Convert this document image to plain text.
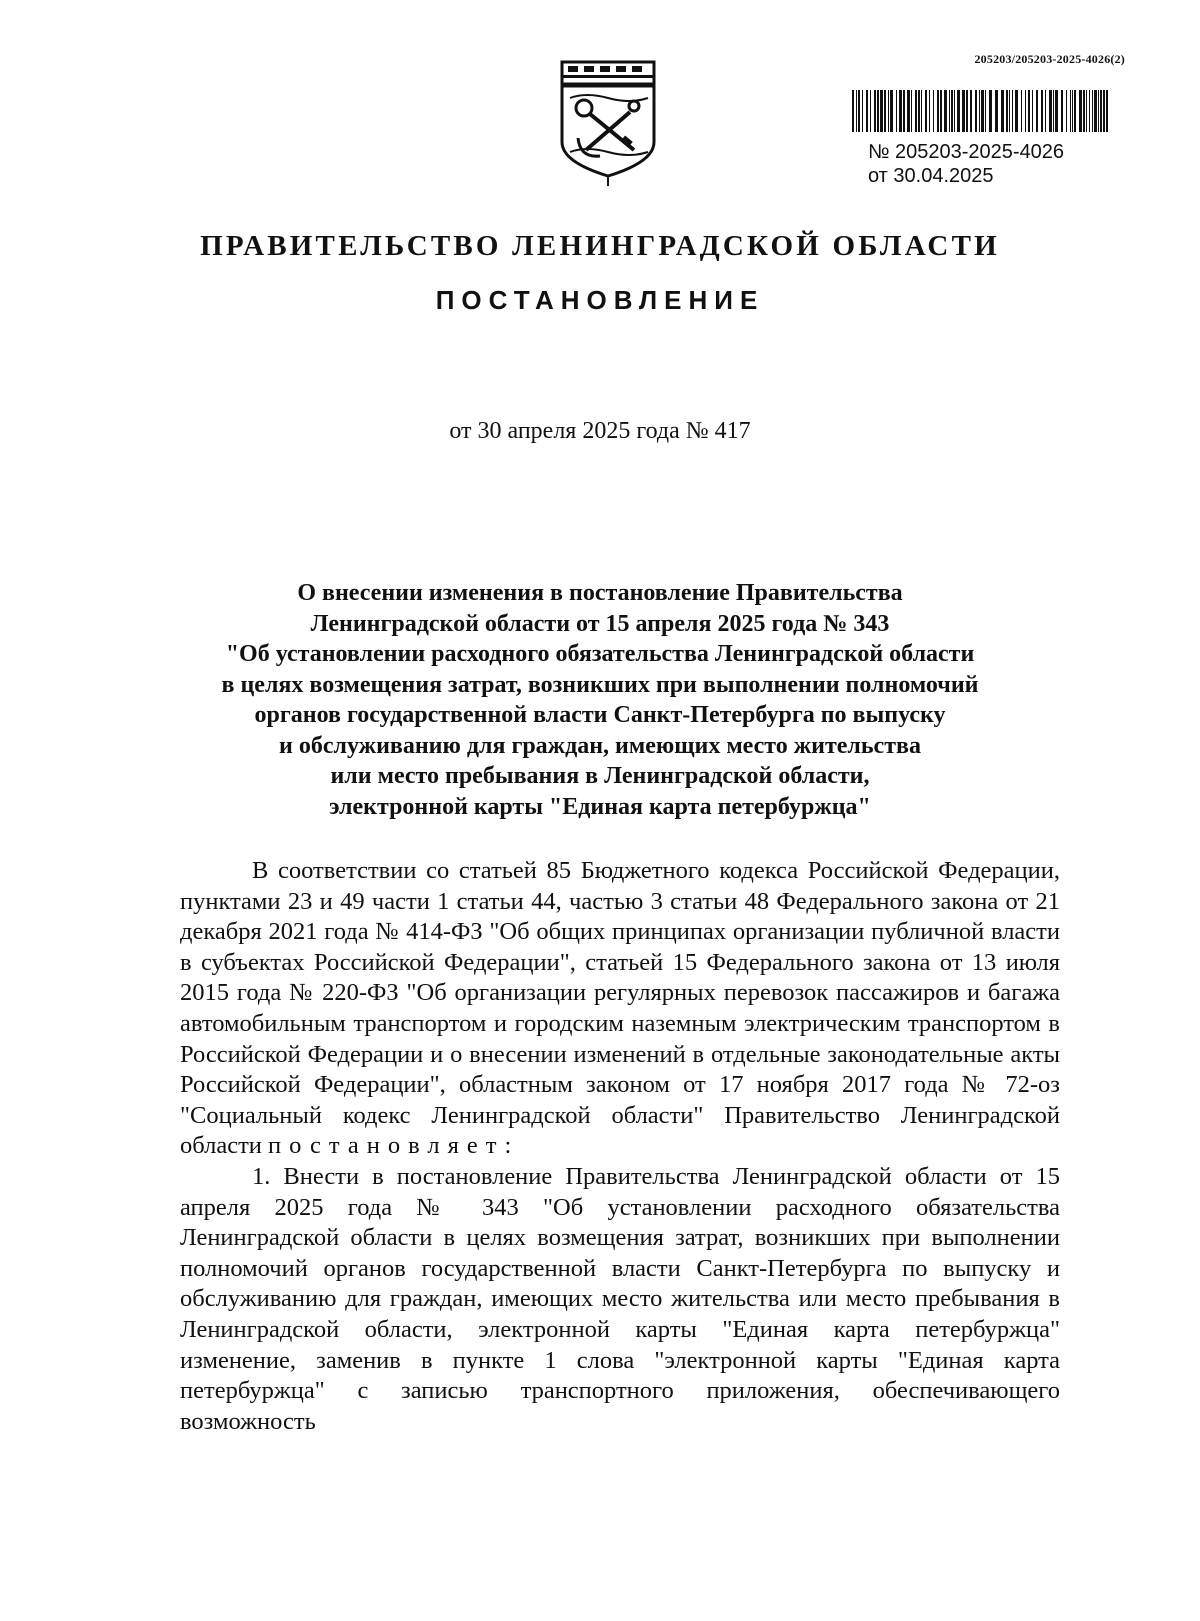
205203/205203-2025-4026(2)
№ 205203-2025-4026
от 30.04.2025
ПРАВИТЕЛЬСТВО ЛЕНИНГРАДСКОЙ ОБЛАСТИ
ПОСТАНОВЛЕНИЕ
от 30 апреля 2025 года № 417
О внесении изменения в постановление Правительства
Ленинградской области от 15 апреля 2025 года № 343
"Об установлении расходного обязательства Ленинградской области
в целях возмещения затрат, возникших при выполнении полномочий
органов государственной власти Санкт-Петербурга по выпуску
и обслуживанию для граждан, имеющих место жительства
или место пребывания в Ленинградской области,
электронной карты "Единая карта петербуржца"

В соответствии со статьей 85 Бюджетного кодекса Российской Федерации, пунктами 23 и 49 части 1 статьи 44, частью 3 статьи 48 Федерального закона от 21 декабря 2021 года № 414-ФЗ "Об общих принципах организации публичной власти в субъектах Российской Федерации", статьей 15 Федерального закона от 13 июля 2015 года № 220-ФЗ "Об организации регулярных перевозок пассажиров и багажа автомобильным транспортом и городским наземным электрическим транспортом в Российской Федерации и о внесении изменений в отдельные законодательные акты Российской Федерации", областным законом от 17 ноября 2017 года № 72-оз "Социальный кодекс Ленинградской области" Правительство Ленинградской области постановляет:

1. Внести в постановление Правительства Ленинградской области от 15 апреля 2025 года № 343 "Об установлении расходного обязательства Ленинградской области в целях возмещения затрат, возникших при выполнении полномочий органов государственной власти Санкт-Петербурга по выпуску и обслуживанию для граждан, имеющих место жительства или место пребывания в Ленинградской области, электронной карты "Единая карта петербуржца" изменение, заменив в пункте 1 слова "электронной карты "Единая карта петербуржца" с записью транспортного приложения, обеспечивающего возможность
